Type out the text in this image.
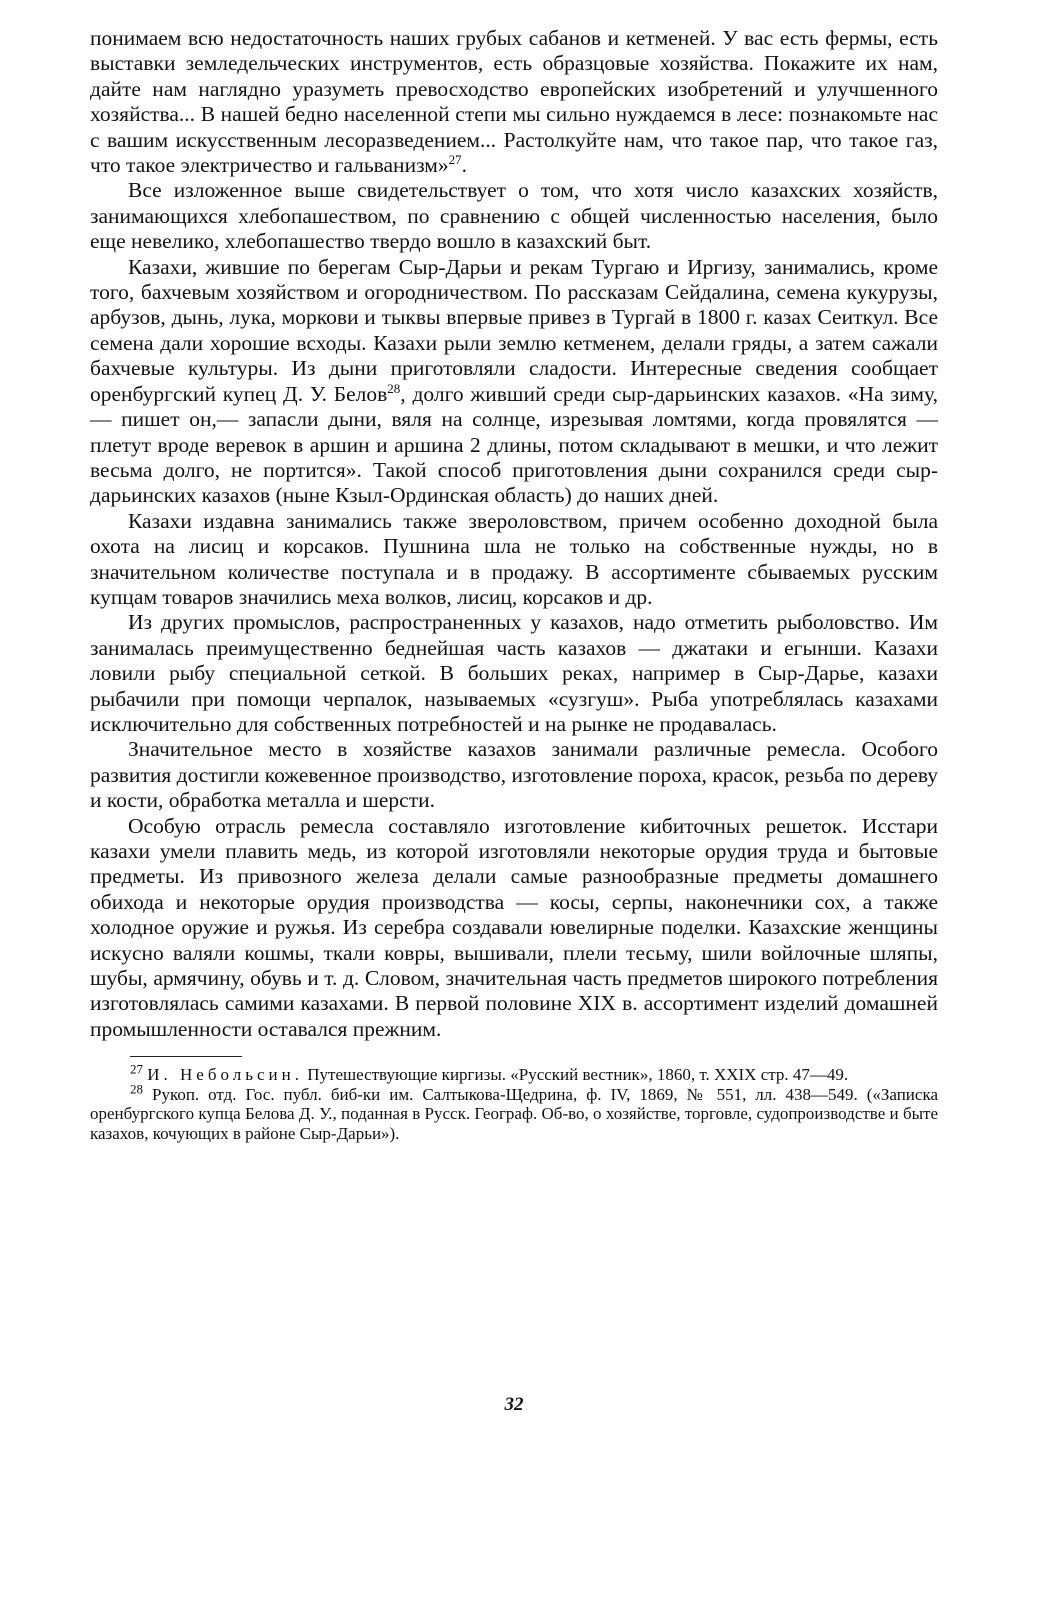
понимаем всю недостаточность наших грубых сабанов и кетменей. У вас есть фермы, есть выставки земледельческих инструментов, есть образцовые хозяйства. Покажите их нам, дайте нам наглядно уразуметь превосходство европейских изобретений и улучшенного хозяйства... В нашей бедно населенной степи мы сильно нуждаемся в лесе: познакомьте нас с вашим искусственным лесоразведением... Растолкуйте нам, что такое пар, что такое газ, что такое электричество и гальванизм»$^{27}$.

Все изложенное выше свидетельствует о том, что хотя число казахских хозяйств, занимающихся хлебопашеством, по сравнению с общей численностью населения, было еще невелико, хлебопашество твердо вошло в казахский быт.

Казахи, жившие по берегам Сыр-Дарьи и рекам Тургаю и Иргизу, занимались, кроме того, бахчевым хозяйством и огородничеством. По рассказам Сейдалина, семена кукурузы, арбузов, дынь, лука, моркови и тыквы впервые привез в Тургай в 1800 г. казах Сеиткул. Все семена дали хорошие всходы. Казахи рыли землю кетменем, делали гряды, а затем сажали бахчевые культуры. Из дыни приготовляли сладости. Интересные сведения сообщает оренбургский купец Д. У. Белов$^{28}$, долго живший среди сыр-дарьинских казахов. «На зиму,— пишет он,— запасли дыни, вяля на солнце, изрезывая ломтями, когда провялятся — плетут вроде веревок в аршин и аршина 2 длины, потом складывают в мешки, и что лежит весьма долго, не портится». Такой способ приготовления дыни сохранился среди сыр-дарьинских казахов (ныне Кзыл-Ординская область) до наших дней.

Казахи издавна занимались также звероловством, причем особенно доходной была охота на лисиц и корсаков. Пушнина шла не только на собственные нужды, но в значительном количестве поступала и в продажу. В ассортименте сбываемых русским купцам товаров значились меха волков, лисиц, корсаков и др.

Из других промыслов, распространенных у казахов, надо отметить рыболовство. Им занималась преимущественно беднейшая часть казахов — джатаки и егынши. Казахи ловили рыбу специальной сеткой. В больших реках, например в Сыр-Дарье, казахи рыбачили при помощи черпалок, называемых «сузгуш». Рыба употреблялась казахами исключительно для собственных потребностей и на рынке не продавалась.

Значительное место в хозяйстве казахов занимали различные ремесла. Особого развития достигли кожевенное производство, изготовление пороха, красок, резьба по дереву и кости, обработка металла и шерсти.

Особую отрасль ремесла составляло изготовление кибиточных решеток. Исстари казахи умели плавить медь, из которой изготовляли некоторые орудия труда и бытовые предметы. Из привозного железа делали самые разнообразные предметы домашнего обихода и некоторые орудия производства — косы, серпы, наконечники сох, а также холодное оружие и ружья. Из серебра создавали ювелирные поделки. Казахские женщины искусно валяли кошмы, ткали ковры, вышивали, плели тесьму, шили войлочные шляпы, шубы, армячину, обувь и т. д. Словом, значительная часть предметов широкого потребления изготовлялась самими казахами. В первой половине XIX в. ассортимент изделий домашней промышленности оставался прежним.

$^{27}$ И. Небольсин. Путешествующие киргизы. «Русский вестник», 1860, т. XXIX стр. 47—49.

$^{28}$ Рукоп. отд. Гос. публ. биб-ки им. Салтыкова-Щедрина, ф. IV, 1869, № 551, лл. 438—549. («Записка оренбургского купца Белова Д. У., поданная в Русск. Географ. Об-во, о хозяйстве, торговле, судопроизводстве и быте казахов, кочующих в районе Сыр-Дарьи»).

32
